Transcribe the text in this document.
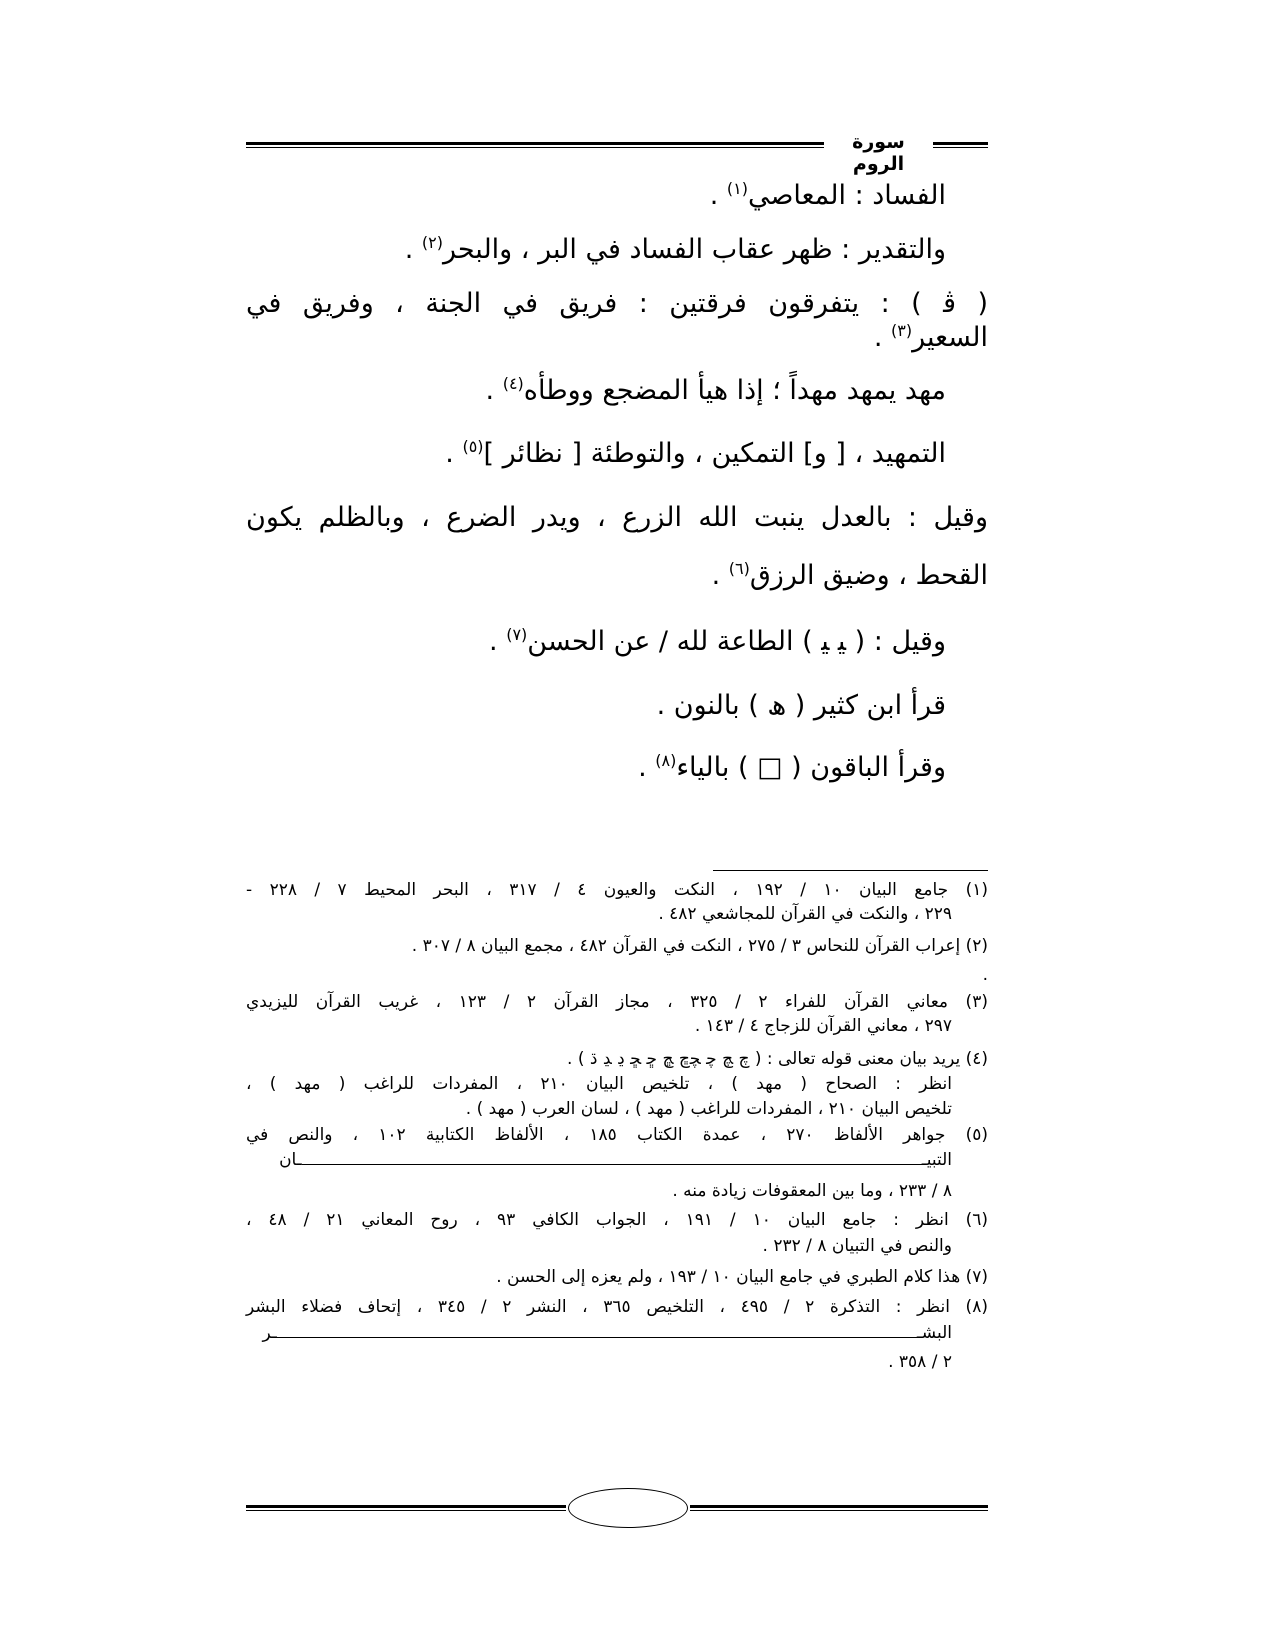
سورة الروم
الفساد : المعاصي$^{(١)}$ .
والتقدير : ظهر عقاب الفساد في البر ، والبحر$^{(٢)}$ .
( ﭬ ) : يتفرقون فرقتين : فريق في الجنة ، وفريق في
السعير$^{(٣)}$ .
مهد يمهد مهداً ؛ إذا هيأ المضجع ووطأه$^{(٤)}$ .
التمهيد ، [ و] التمكين ، والتوطئة [ نظائر ]$^{(٥)}$ .
وقيل : بالعدل ينبت الله الزرع ، ويدر الضرع ، وبالظلم يكون
القحط ، وضيق الرزق$^{(٦)}$ .
وقيل : ( ﯿ ﯿ ) الطاعة لله / عن الحسن$^{(٧)}$ .
قرأ ابن كثير ( ﮪ ) بالنون .
وقرأ الباقون ( □ ) بالياء$^{(٨)}$ .
(١) جامع البيان ١٠ / ١٩٢ ، النكت والعيون ٤ / ٣١٧ ، البحر المحيط ٧ / ٢٢٨ -
٢٢٩ ، والنكت في القرآن للمجاشعي ٤٨٢ .
(٢) إعراب القرآن للنحاس ٣ / ٢٧٥ ، النكت في القرآن ٤٨٢ ، مجمع البيان ٨ / ٣٠٧ .
.
(٣) معاني القرآن للفراء ٢ / ٣٢٥ ، مجاز القرآن ٢ / ١٢٣ ، غريب القرآن لليزيدي
٢٩٧ ، معاني القرآن للزجاج ٤ / ١٤٣ .
(٤) يريد بيان معنى قوله تعالى : ( ﭺ ﭻ ﭼ ﭽﭾ ﭿ ﮀ ﮁ ﮂ ﮃ ﮄ ) .
انظر : الصحاح ( مهد ) ، تلخيص البيان ٢١٠ ، المفردات للراغب ( مهد ) ،
تلخيص البيان ٢١٠ ، المفردات للراغب ( مهد ) ، لسان العرب ( مهد ) .
(٥) جواهر الألفاظ ٢٧٠ ، عمدة الكتاب ١٨٥ ، الألفاظ الكتابية ١٠٢ ، والنص في
التبيــان
٨ / ٢٣٣ ، وما بين المعقوفات زيادة منه .
(٦) انظر : جامع البيان ١٠ / ١٩١ ، الجواب الكافي ٩٣ ، روح المعاني ٢١ / ٤٨ ،
والنص في التبيان ٨ / ٢٣٢ .
(٧) هذا كلام الطبري في جامع البيان ١٠ / ١٩٣ ، ولم يعزه إلى الحسن .
(٨) انظر : التذكرة ٢ / ٤٩٥ ، التلخيص ٣٦٥ ، النشر ٢ / ٣٤٥ ، إتحاف فضلاء البشر
البشــر
٢ / ٣٥٨ .
